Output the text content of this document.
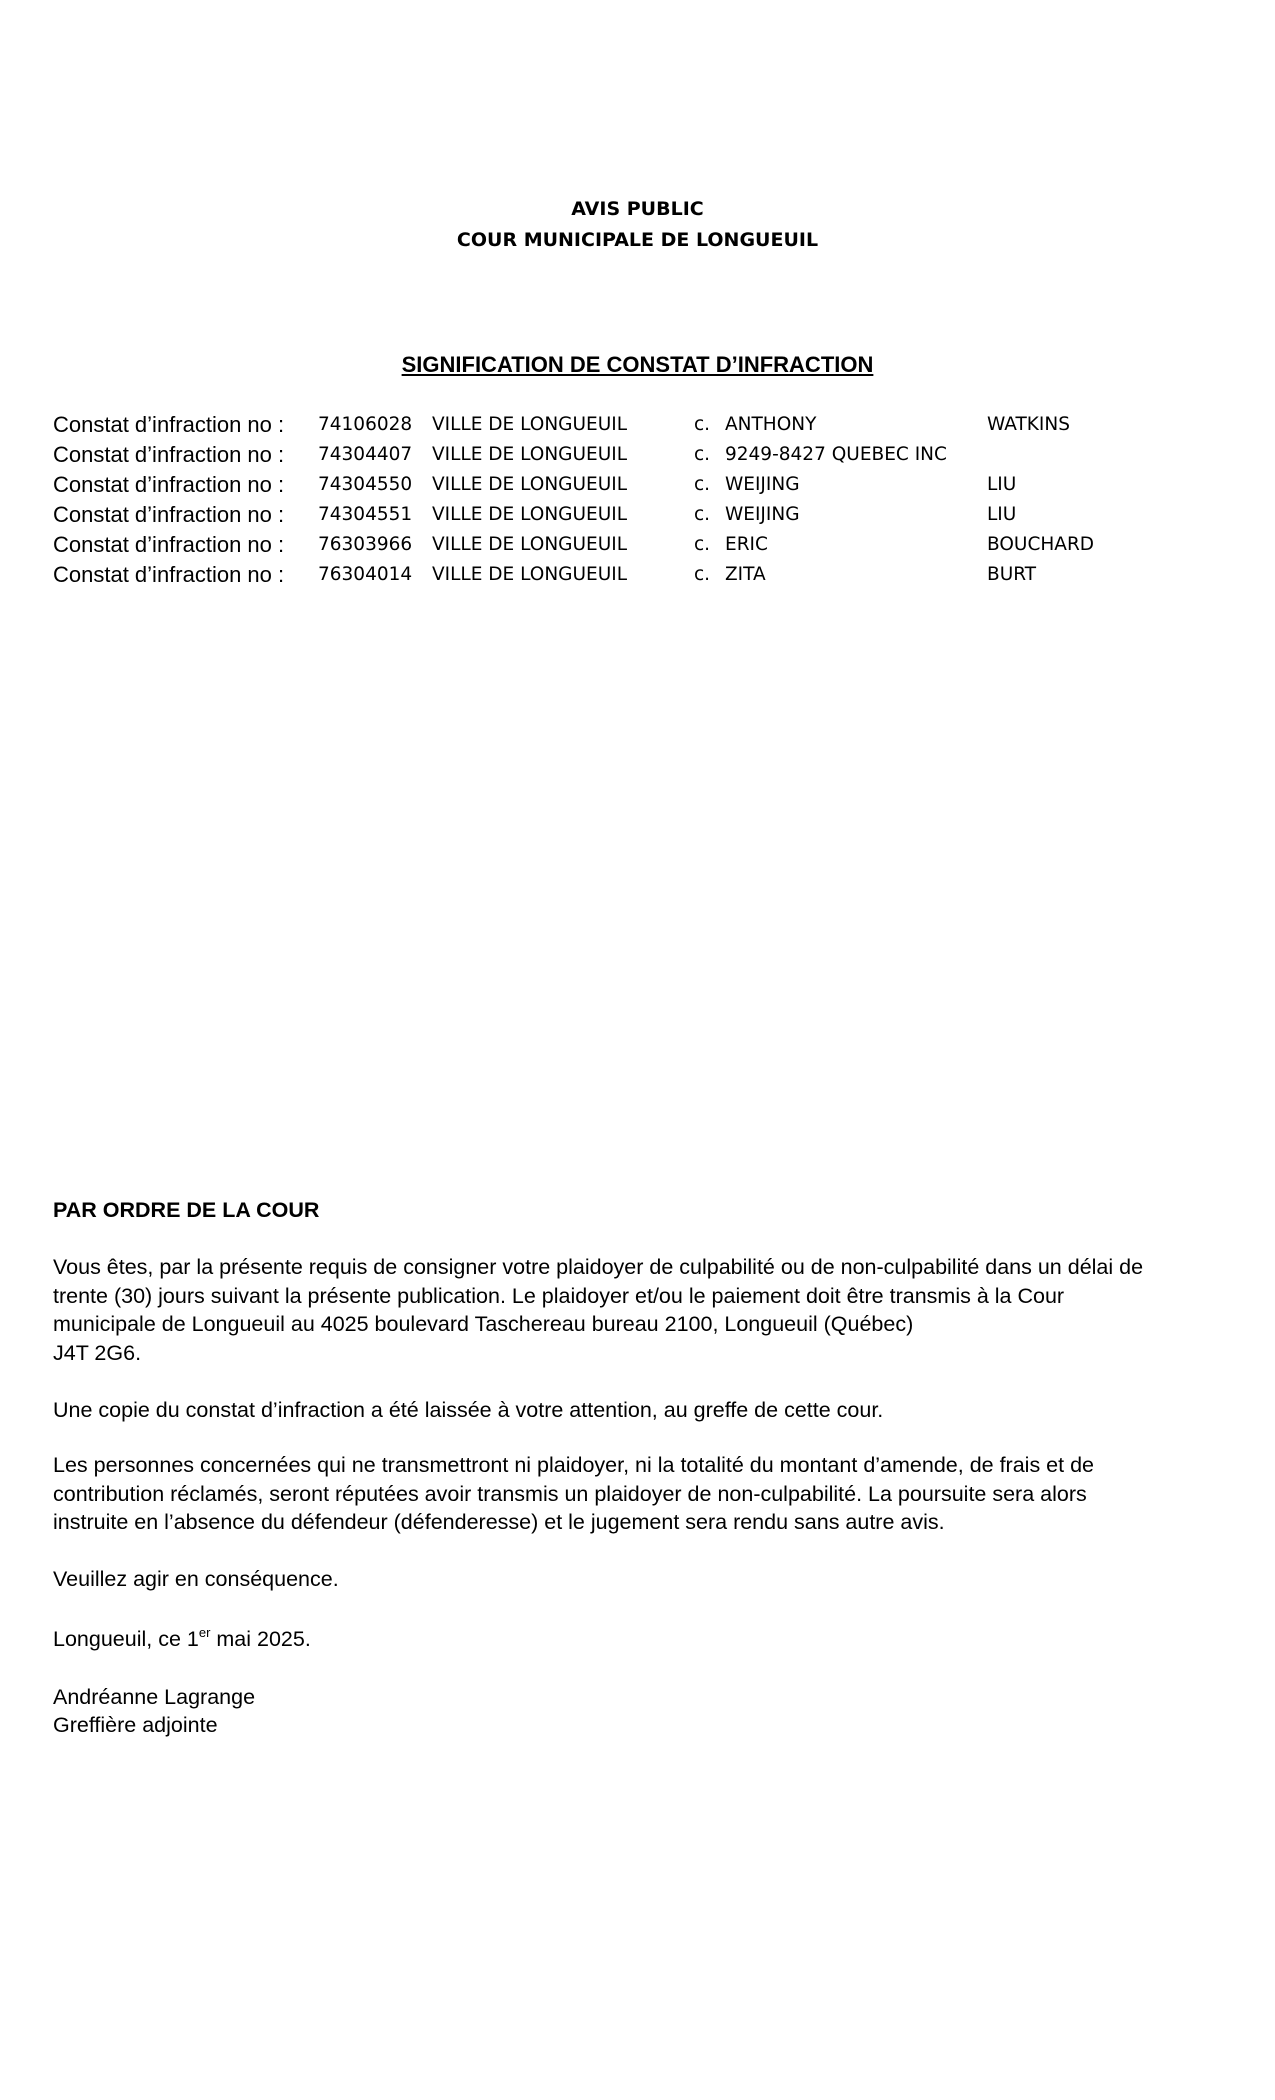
AVIS PUBLIC
COUR MUNICIPALE DE LONGUEUIL
SIGNIFICATION DE CONSTAT D’INFRACTION
Constat d’infraction no : 74106028 VILLE DE LONGUEUIL	c. ANTHONY	WATKINS
Constat d’infraction no : 74304407 VILLE DE LONGUEUIL	c. 9249-8427 QUEBEC INC
Constat d’infraction no : 74304550 VILLE DE LONGUEUIL	c. WEIJING	LIU
Constat d’infraction no : 74304551 VILLE DE LONGUEUIL	c. WEIJING	LIU
Constat d’infraction no : 76303966 VILLE DE LONGUEUIL	c. ERIC	BOUCHARD
Constat d’infraction no : 76304014 VILLE DE LONGUEUIL	c. ZITA	BURT
PAR ORDRE DE LA COUR
Vous êtes, par la présente requis de consigner votre plaidoyer de culpabilité ou de non-culpabilité dans un délai de
trente (30) jours suivant la présente publication. Le plaidoyer et/ou le paiement doit être transmis à la Cour
municipale de Longueuil au 4025 boulevard Taschereau bureau 2100, Longueuil (Québec)
J4T 2G6.
Une copie du constat d’infraction a été laissée à votre attention, au greffe de cette cour.
Les personnes concernées qui ne transmettront ni plaidoyer, ni la totalité du montant d’amende, de frais et de
contribution réclamés, seront réputées avoir transmis un plaidoyer de non-culpabilité. La poursuite sera alors
instruite en l’absence du défendeur (défenderesse) et le jugement sera rendu sans autre avis.
Veuillez agir en conséquence.
Longueuil, ce 1er mai 2025.
Andréanne Lagrange
Greffière adjointe
